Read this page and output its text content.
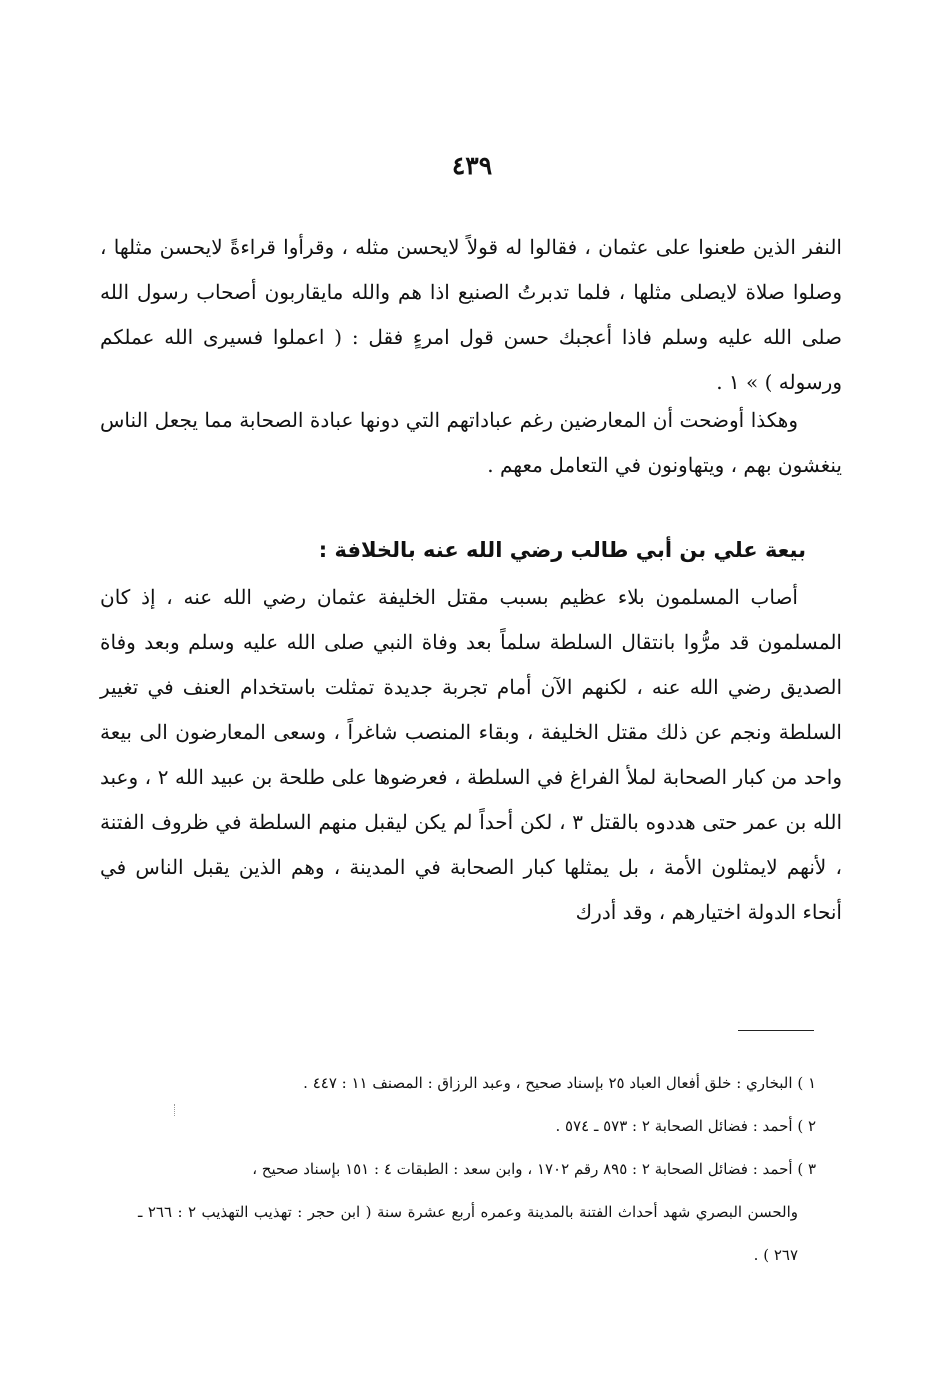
٤٣٩
النفر الذين طعنوا على عثمان ، فقالوا له قولاً لايحسن مثله ، وقرأوا قراءةً لايحسن مثلها ، وصلوا صلاة لايصلى مثلها ، فلما تدبرتُ الصنيع اذا هم والله مايقاربون أصحاب رسول الله صلى الله عليه وسلم فاذا أعجبك حسن قول امرءٍ فقل : ( اعملوا فسيرى الله عملكم ورسوله ) » ١ .
وهكذا أوضحت أن المعارضين رغم عباداتهم التي دونها عبادة الصحابة مما يجعل الناس ينغشون بهم ، ويتهاونون في التعامل معهم .
بيعة علي بن أبي طالب رضي الله عنه بالخلافة :
أصاب المسلمون بلاء عظيم بسبب مقتل الخليفة عثمان رضي الله عنه ، إذ كان المسلمون قد مرُّوا بانتقال السلطة سلماً بعد وفاة النبي صلى الله عليه وسلم وبعد وفاة الصديق رضي الله عنه ، لكنهم الآن أمام تجربة جديدة تمثلت باستخدام العنف في تغيير السلطة ونجم عن ذلك مقتل الخليفة ، وبقاء المنصب شاغراً ، وسعى المعارضون الى بيعة واحد من كبار الصحابة لملأ الفراغ في السلطة ، فعرضوها على طلحة بن عبيد الله ٢ ، وعبد الله بن عمر حتى هددوه بالقتل ٣ ، لكن أحداً لم يكن ليقبل منهم السلطة في ظروف الفتنة ، لأنهم لايمثلون الأمة ، بل يمثلها كبار الصحابة في المدينة ، وهم الذين يقبل الناس في أنحاء الدولة اختيارهم ، وقد أدرك
١ ) البخاري : خلق أفعال العباد ٢٥ بإسناد صحيح ، وعبد الرزاق : المصنف ١١ : ٤٤٧ .
٢ ) أحمد : فضائل الصحابة ٢ : ٥٧٣ ـ ٥٧٤ .
٣ ) أحمد : فضائل الصحابة ٢ : ٨٩٥ رقم ١٧٠٢ ، وابن سعد : الطبقات ٤ : ١٥١ بإسناد صحيح ،
والحسن البصري شهد أحداث الفتنة بالمدينة وعمره أربع عشرة سنة ( ابن حجر : تهذيب التهذيب ٢ : ٢٦٦ ـ ٢٦٧ ) .
